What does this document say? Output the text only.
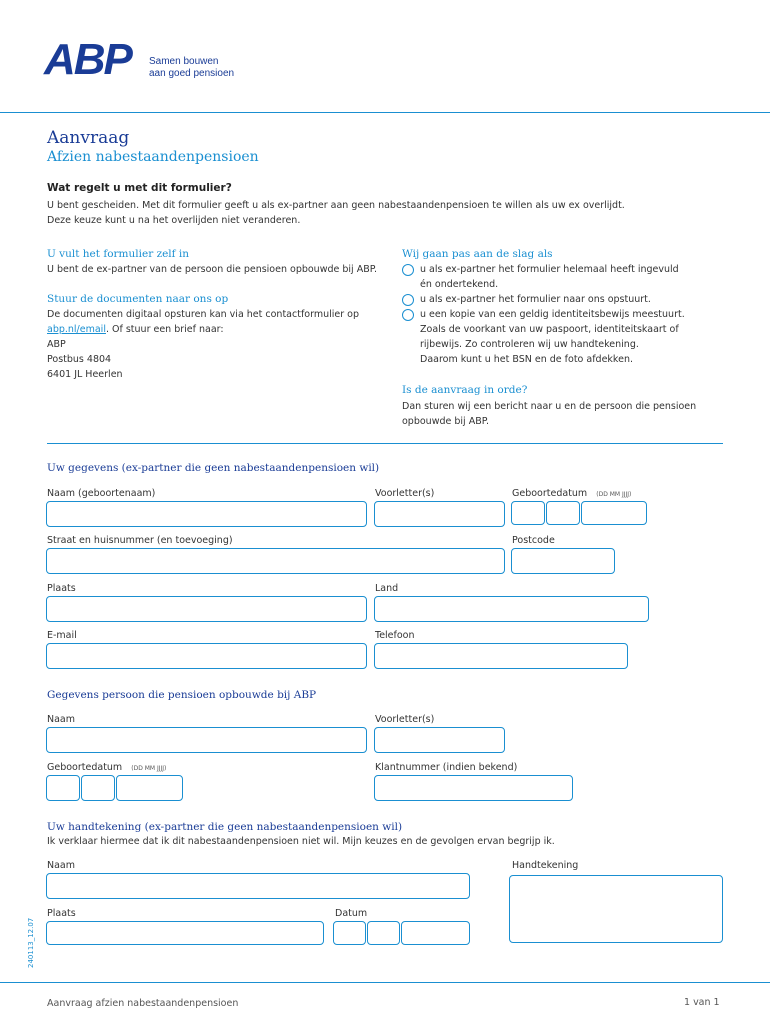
ABP Samen bouwen
aan goed pensioen
Aanvraag
Afzien nabestaandenpensioen
Wat regelt u met dit formulier?
U bent gescheiden. Met dit formulier geeft u als ex-partner aan geen nabestaandenpensioen te willen als uw ex overlijdt.
Deze keuze kunt u na het overlijden niet veranderen.
U vult het formulier zelf in
U bent de ex-partner van de persoon die pensioen opbouwde bij ABP.
Stuur de documenten naar ons op
De documenten digitaal opsturen kan via het contactformulier op
abp.nl/email. Of stuur een brief naar:
ABP
Postbus 4804
6401 JL Heerlen
Wij gaan pas aan de slag als
u als ex-partner het formulier helemaal heeft ingevuld
én ondertekend.
u als ex-partner het formulier naar ons opstuurt.
u een kopie van een geldig identiteitsbewijs meestuurt.
Zoals de voorkant van uw paspoort, identiteitskaart of
rijbewijs. Zo controleren wij uw handtekening.
Daarom kunt u het BSN en de foto afdekken.
Is de aanvraag in orde?
Dan sturen wij een bericht naar u en de persoon die pensioen
opbouwde bij ABP.
Uw gegevens (ex-partner die geen nabestaandenpensioen wil)
Naam (geboortenaam)	Voorletter(s)	Geboortedatum (DD MM JJJJ)
Straat en huisnummer (en toevoeging)	Postcode
Plaats	Land
E-mail	Telefoon
Gegevens persoon die pensioen opbouwde bij ABP
Naam	Voorletter(s)
Geboortedatum (DD MM JJJJ)	Klantnummer (indien bekend)
Uw handtekening (ex-partner die geen nabestaandenpensioen wil)
Ik verklaar hiermee dat ik dit nabestaandenpensioen niet wil. Mijn keuzes en de gevolgen ervan begrijp ik.
Naam	Handtekening
Plaats	Datum
240113_12.07
Aanvraag afzien nabestaandenpensioen	1 van 1
